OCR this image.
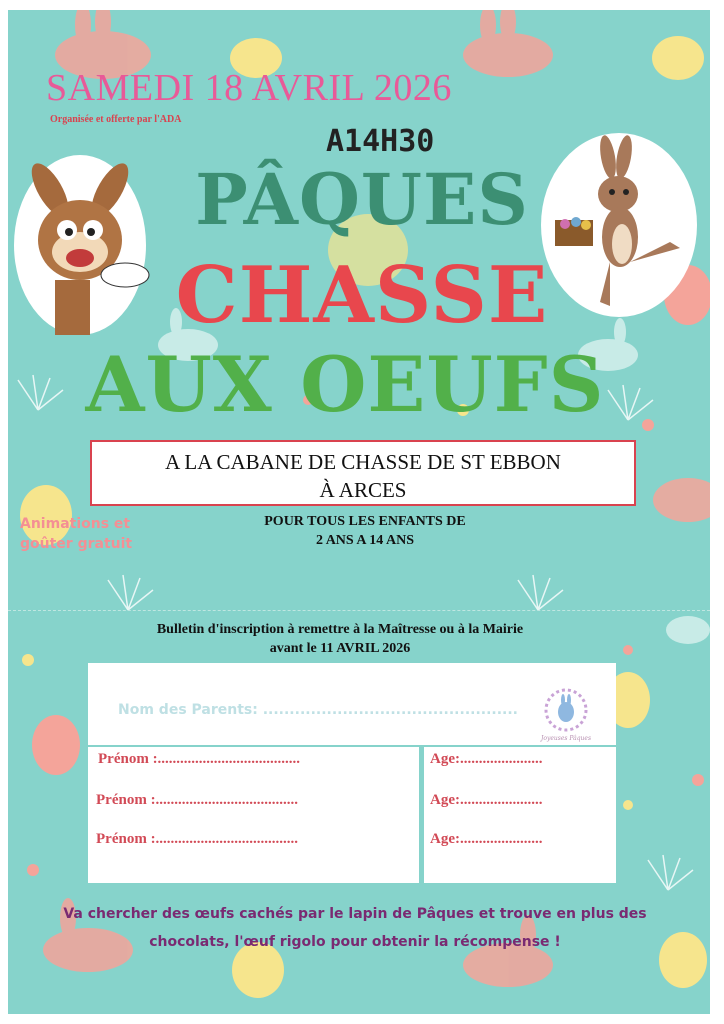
SAMEDI 18 AVRIL 2026
Organisée et offerte par l'ADA
A14H30
PÂQUES
CHASSE
AUX OEUFS
A LA CABANE DE CHASSE DE ST EBBON
À ARCES
Animations et
goûter gratuit
POUR TOUS LES ENFANTS DE
2 ANS A 14 ANS
Bulletin d'inscription à remettre à la Maîtresse ou à la Mairie
avant le 11 AVRIL 2026
Nom des Parents: ................................................
Joyeuses Pâques
Prénom :......................................	Age:......................
Prénom :......................................	Age:......................
Prénom :......................................	Age:......................
Va chercher des œufs cachés par le lapin de Pâques et trouve en plus des
chocolats, l'œuf rigolo pour obtenir la récompense !
